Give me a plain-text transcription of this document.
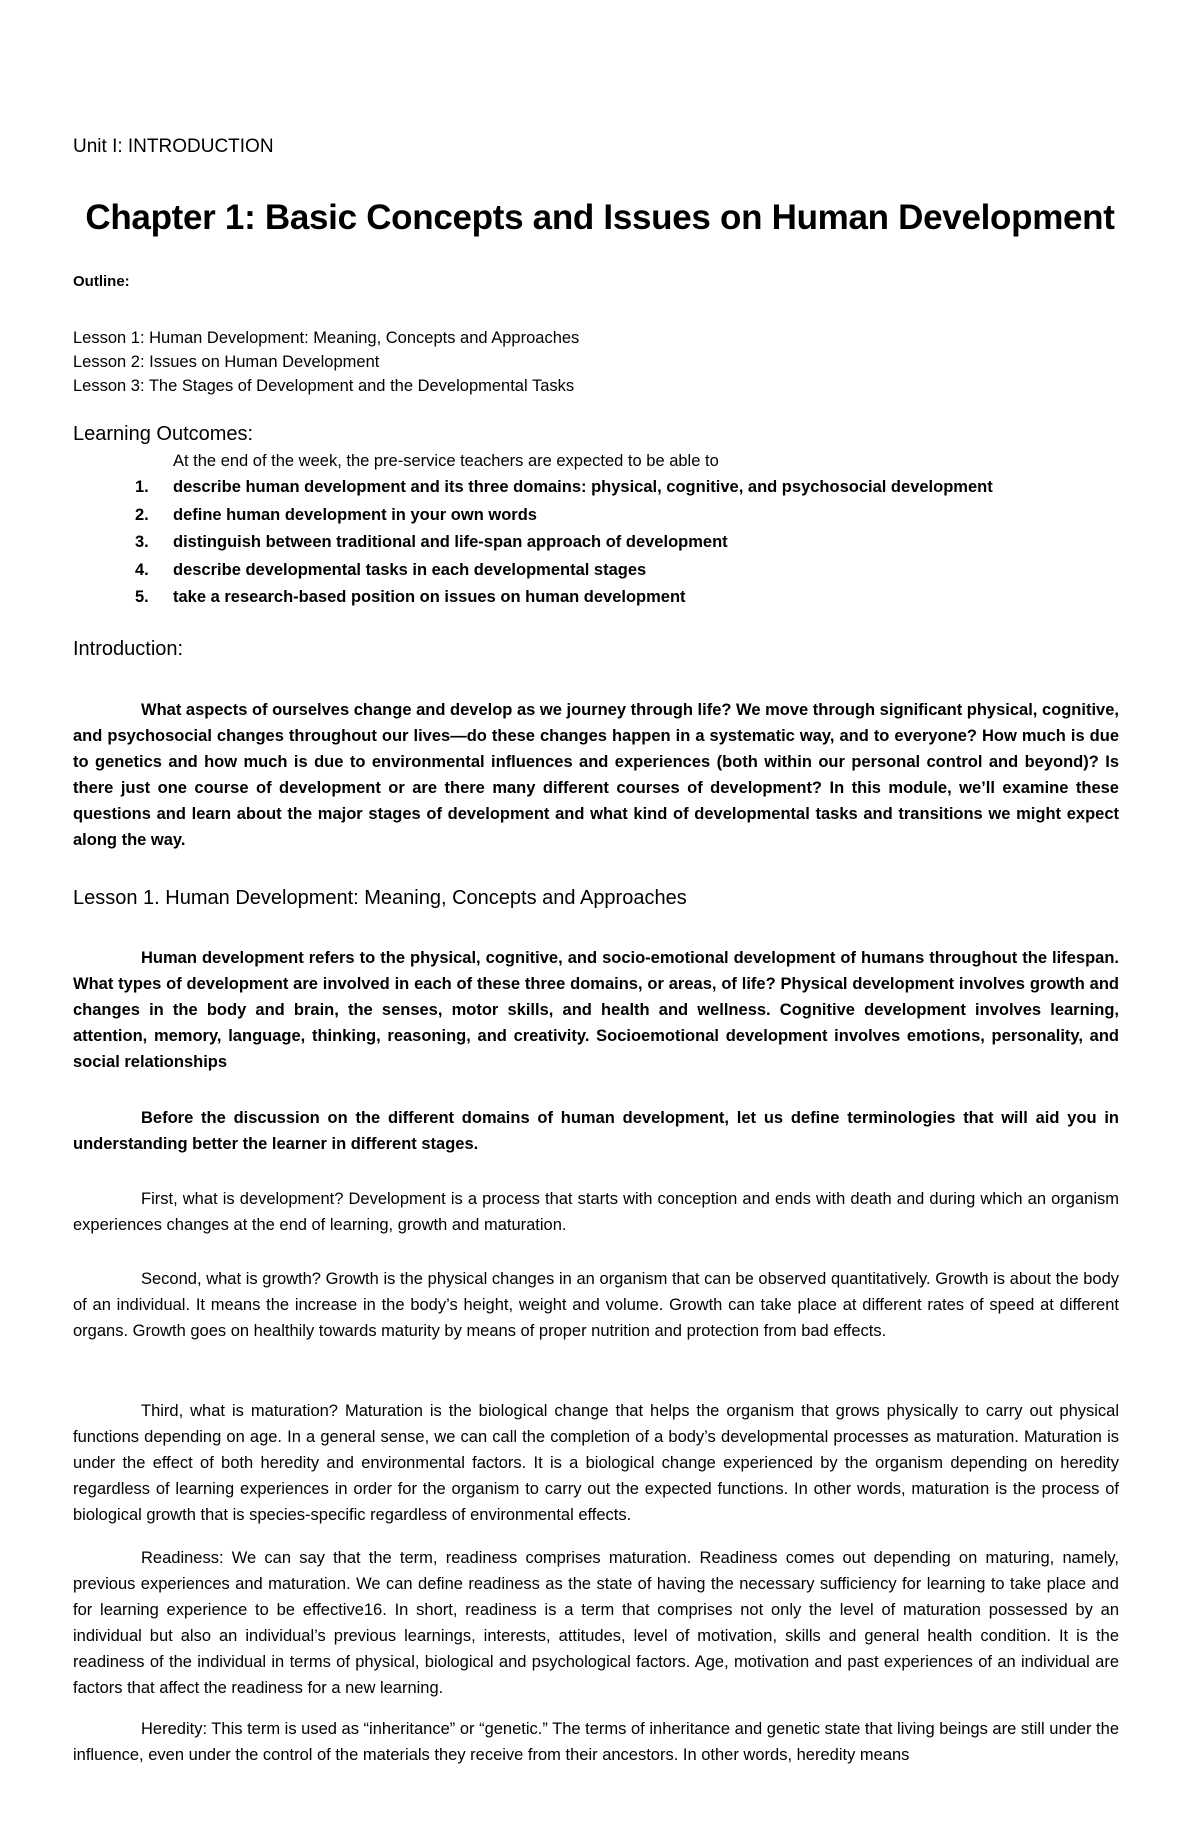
Unit I: INTRODUCTION
Chapter 1: Basic Concepts and Issues on Human Development
Outline:
Lesson 1: Human Development: Meaning, Concepts and Approaches
Lesson 2: Issues on Human Development
Lesson 3: The Stages of Development and the Developmental Tasks
Learning Outcomes:
At the end of the week, the pre-service teachers are expected to be able to
1. describe human development and its three domains: physical, cognitive, and psychosocial development
2. define human development in your own words
3. distinguish between traditional and life-span approach of development
4. describe developmental tasks in each developmental stages
5. take a research-based position on issues on human development
Introduction:

What aspects of ourselves change and develop as we journey through life? We move through significant physical, cognitive, and psychosocial changes throughout our lives—do these changes happen in a systematic way, and to everyone? How much is due to genetics and how much is due to environmental influences and experiences (both within our personal control and beyond)? Is there just one course of development or are there many different courses of development? In this module, we’ll examine these questions and learn about the major stages of development and what kind of developmental tasks and transitions we might expect along the way.

Lesson 1. Human Development: Meaning, Concepts and Approaches

Human development refers to the physical, cognitive, and socio-emotional development of humans throughout the lifespan. What types of development are involved in each of these three domains, or areas, of life? Physical development involves growth and changes in the body and brain, the senses, motor skills, and health and wellness. Cognitive development involves learning, attention, memory, language, thinking, reasoning, and creativity. Socioemotional development involves emotions, personality, and social relationships

Before the discussion on the different domains of human development, let us define terminologies that will aid you in understanding better the learner in different stages.

First, what is development? Development is a process that starts with conception and ends with death and during which an organism experiences changes at the end of learning, growth and maturation.

Second, what is growth? Growth is the physical changes in an organism that can be observed quantitatively. Growth is about the body of an individual. It means the increase in the body’s height, weight and volume. Growth can take place at different rates of speed at different organs. Growth goes on healthily towards maturity by means of proper nutrition and protection from bad effects.

Third, what is maturation? Maturation is the biological change that helps the organism that grows physically to carry out physical functions depending on age. In a general sense, we can call the completion of a body’s developmental processes as maturation. Maturation is under the effect of both heredity and environmental factors. It is a biological change experienced by the organism depending on heredity regardless of learning experiences in order for the organism to carry out the expected functions. In other words, maturation is the process of biological growth that is species-specific regardless of environmental effects.

Readiness: We can say that the term, readiness comprises maturation. Readiness comes out depending on maturing, namely, previous experiences and maturation. We can define readiness as the state of having the necessary sufficiency for learning to take place and for learning experience to be effective16. In short, readiness is a term that comprises not only the level of maturation possessed by an individual but also an individual’s previous learnings, interests, attitudes, level of motivation, skills and general health condition. It is the readiness of the individual in terms of physical, biological and psychological factors. Age, motivation and past experiences of an individual are factors that affect the readiness for a new learning.

Heredity: This term is used as “inheritance” or “genetic.” The terms of inheritance and genetic state that living beings are still under the influence, even under the control of the materials they receive from their ancestors. In other words, heredity means
